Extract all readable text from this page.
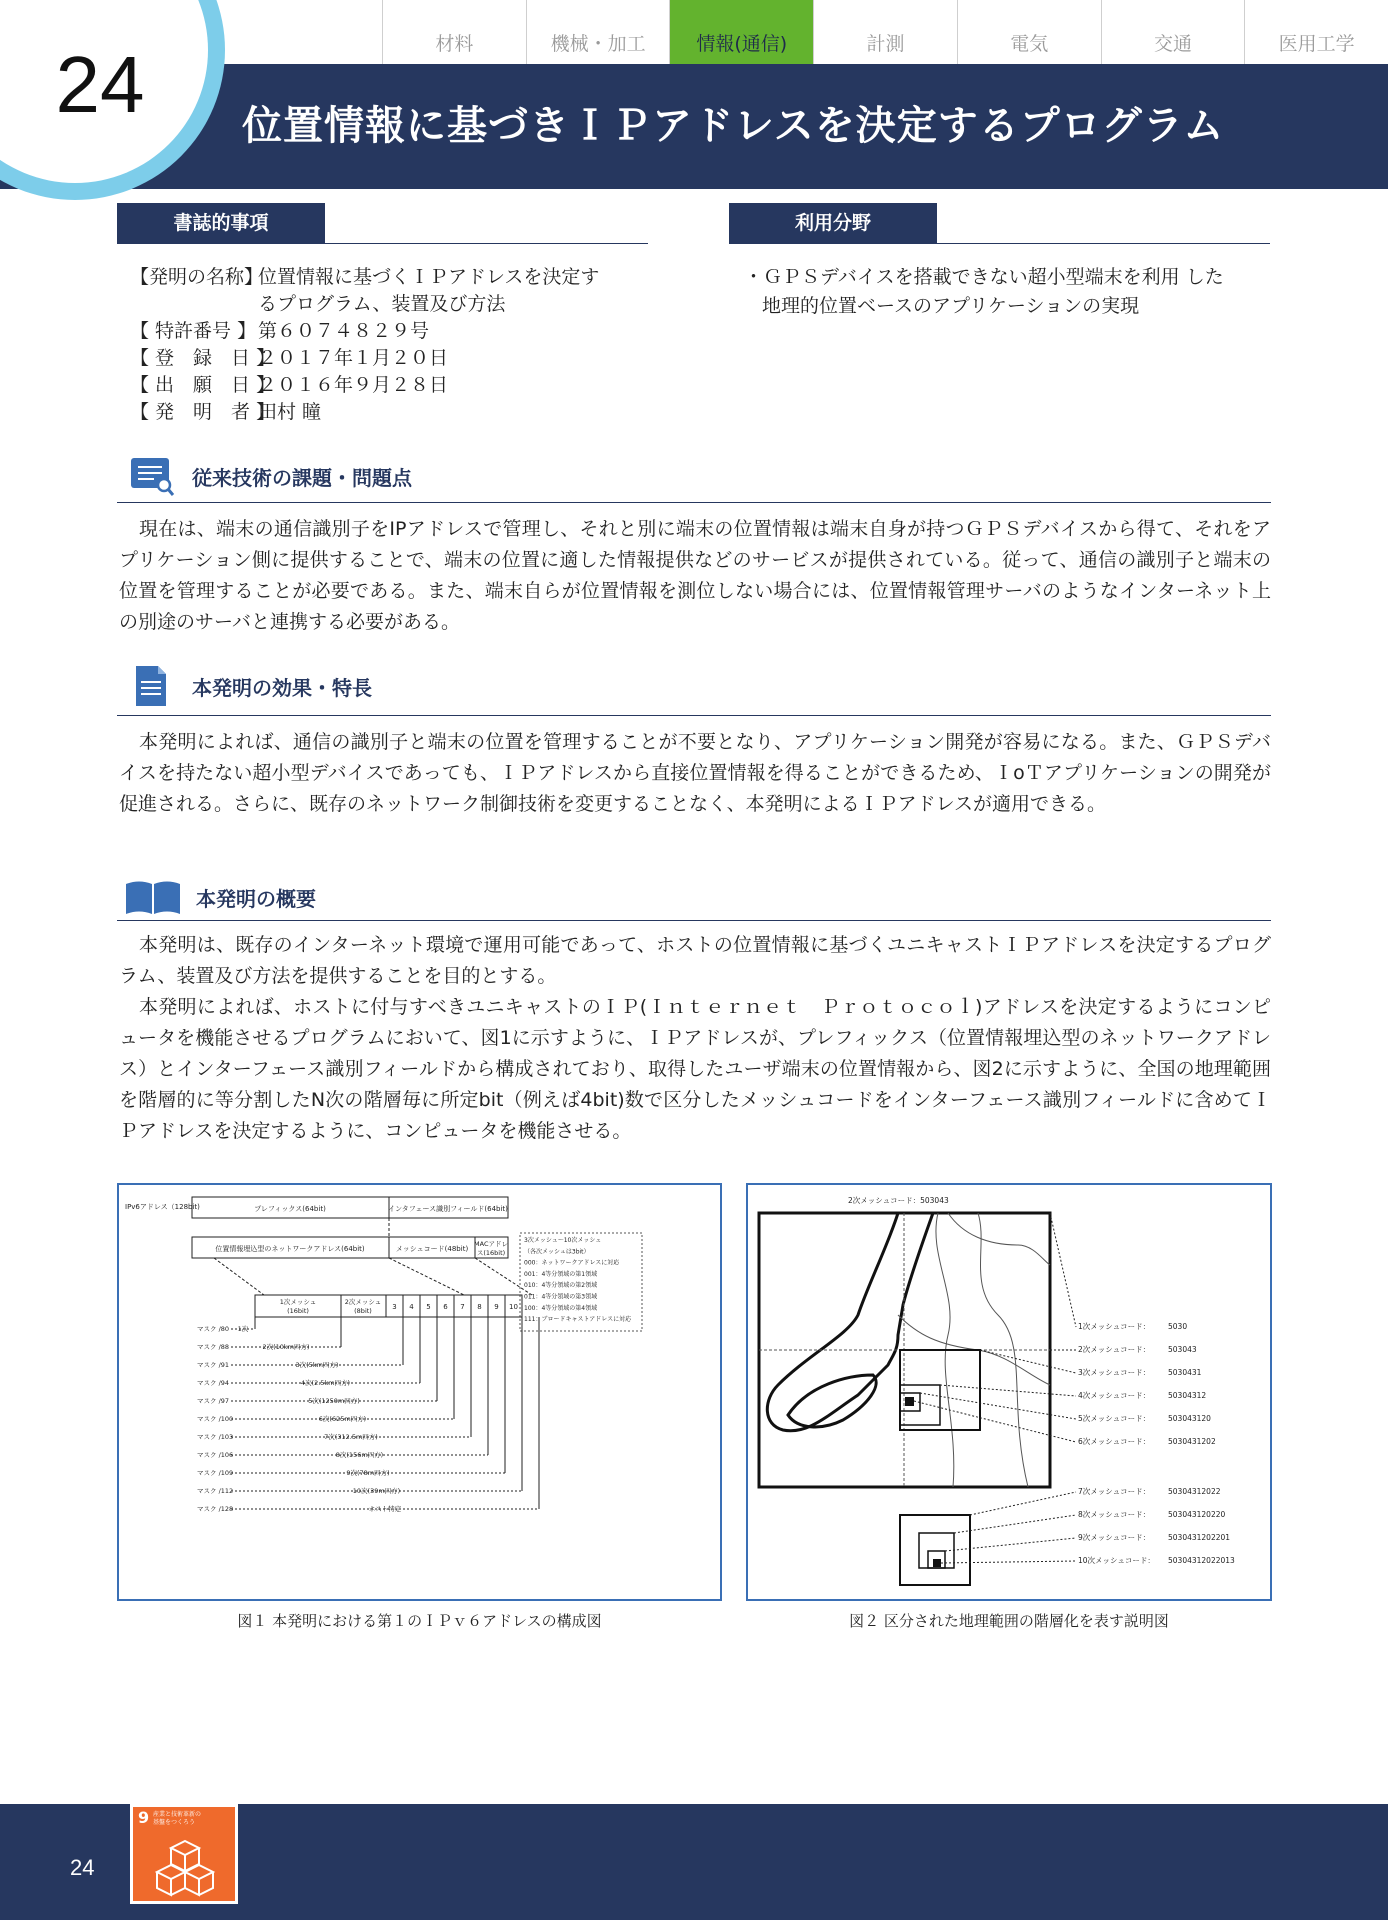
材料	機械・加工	情報(通信)	計測	電気	交通	医用工学
24 位置情報に基づきＩＰアドレスを決定するプログラム
書誌的事項
【発明の名称】
位置情報に基づくＩＰアドレスを決定す
るプログラム、装置及び方法
【 特許番号 】 第６０７４８２９号
【 登　録　日 】
２０１７年１月２０日
【 出　願　日 】
２０１６年９月２８日
【 発　明　者 】
田村 瞳
利用分野
・ＧＰＳデバイスを搭載できない超小型端末を利用 した
地理的位置ベースのアプリケーションの実現
従来技術の課題・問題点

現在は、端末の通信識別子をIPアドレスで管理し、それと別に端末の位置情報は端末自身が持つＧＰＳデバイスから得て、それをアプリケーション側に提供することで、端末の位置に適した情報提供などのサービスが提供されている。従って、通信の識別子と端末の位置を管理することが必要である。また、端末自らが位置情報を測位しない場合には、位置情報管理サーバのようなインターネット上の別途のサーバと連携する必要がある。

本発明の効果・特長

本発明によれば、通信の識別子と端末の位置を管理することが不要となり、アプリケーション開発が容易になる。また、ＧＰＳデバイスを持たない超小型デバイスであっても、ＩＰアドレスから直接位置情報を得ることができるため、ＩoＴアプリケーションの開発が促進される。さらに、既存のネットワーク制御技術を変更することなく、本発明によるＩＰアドレスが適用できる。

本発明の概要

本発明は、既存のインターネット環境で運用可能であって、ホストの位置情報に基づくユニキャストＩＰアドレスを決定するプログラム、装置及び方法を提供することを目的とする。

本発明によれば、ホストに付与すべきユニキャストのＩＰ(Ｉｎｔｅｒｎｅｔ　Ｐｒｏｔｏｃｏｌ)アドレスを決定するようにコンピュータを機能させるプログラムにおいて、図1に示すように、ＩＰアドレスが、プレフィックス（位置情報埋込型のネットワークアドレス）とインターフェース識別フィールドから構成されており、取得したユーザ端末の位置情報から、図2に示すように、全国の地理範囲を階層的に等分割したN次の階層毎に所定bit（例えば4bit)数で区分したメッシュコードをインターフェース識別フィールドに含めてＩＰアドレスを決定するように、コンピュータを機能させる。

IPv6アドレス（128bit)	プレフィックス(64bit)	インタフェース識別フィールド(64bit)
位置情報埋込型のネットワークアドレス(64bit)	メッシュコード(48bit)
MACアドレ
ス(16bit)
3次メッシュ～10次メッシュ
（各次メッシュは3bit）
000：ネットワークアドレスに対応
001：4等分領域の第1領域
010：4等分領域の第2領域
011：4等分領域の第3領域
100：4等分領域の第4領域
111：ブロードキャストアドレスに対応
1次メッシュ
(16bit)
2次メッシュ
(8bit)	3 4 5 6 7 8 9 10
マスク /80 1次
マスク /88	2次(10km四方)
マスク /91	3次(5km四方)
マスク /94	4次(2.5km四方)
マスク /97	5次(1250m四方)
マスク /100	6次(625m四方)
マスク /103	7次(312.5m四方)
マスク /106	8次(156m四方)
マスク /109	9次(78m四方)
マスク /112	10次(39m四方)
マスク /128	ホスト特定
図１ 本発明における第１のＩＰｖ６アドレスの構成図
2次メッシュコード：503043
1次メッシュコード： 5030
2次メッシュコード： 503043
3次メッシュコード： 5030431
4次メッシュコード： 50304312
5次メッシュコード： 503043120
6次メッシュコード： 5030431202
7次メッシュコード： 50304312022
8次メッシュコード： 503043120220
9次メッシュコード： 5030431202201
10次メッシュコード： 50304312022013
図２ 区分された地理範囲の階層化を表す説明図
24
9 産業と技術革新の
基盤をつくろう
